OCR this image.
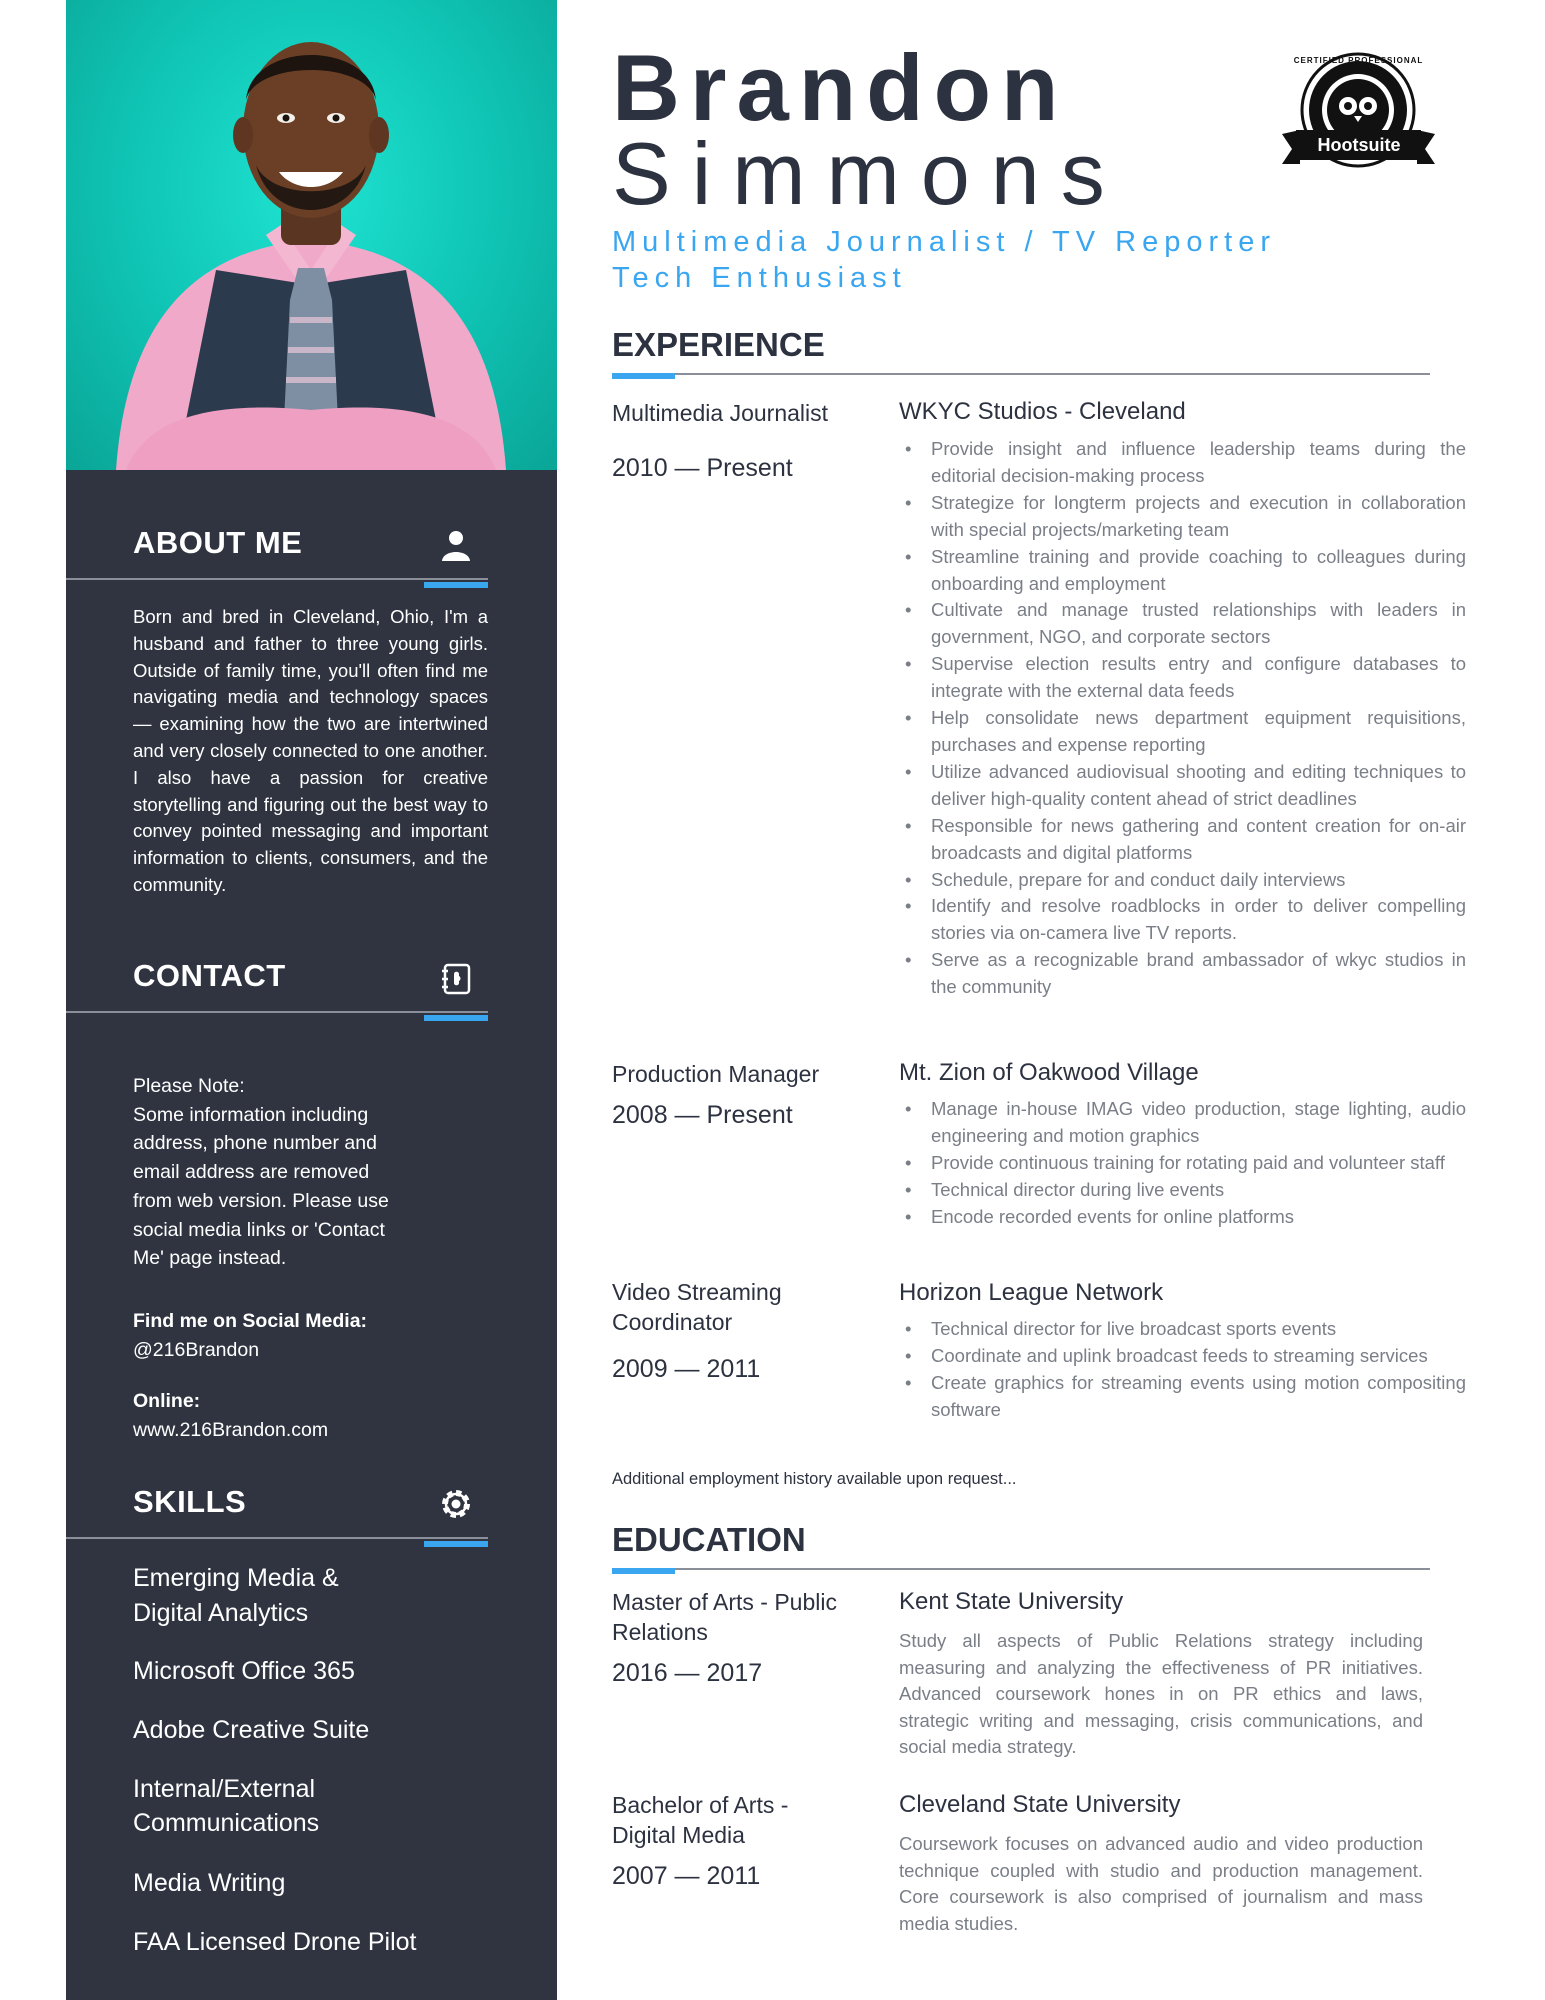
ABOUT ME
Born and bred in Cleveland, Ohio, I'm a husband and father to three young girls. Outside of family time, you'll often find me navigating media and technology spaces — examining how the two are intertwined and very closely connected to one another. I also have a passion for creative storytelling and figuring out the best way to convey pointed messaging and important information to clients, consumers, and the community.
CONTACT
Please Note:
Some information including
address, phone number and
email address are removed
from web version. Please use
social media links or 'Contact
Me' page instead.
Find me on Social Media:
@216Brandon
Online:
www.216Brandon.com
SKILLS
Emerging Media &
Digital Analytics
Microsoft Office 365
Adobe Creative Suite
Internal/External
Communications
Media Writing
FAA Licensed Drone Pilot
Brandon
Simmons
Multimedia Journalist / TV Reporter
Tech Enthusiast
Hootsuite
CERTIFIED PROFESSIONAL
EXPERIENCE
Multimedia Journalist
2010 — Present
WKYC Studios - Cleveland
• Provide insight and influence leadership teams during the editorial decision-making process
• Strategize for longterm projects and execution in collaboration with special projects/marketing team
• Streamline training and provide coaching to colleagues during onboarding and employment
• Cultivate and manage trusted relationships with leaders in government, NGO, and corporate sectors
• Supervise election results entry and configure databases to integrate with the external data feeds
• Help consolidate news department equipment requisitions, purchases and expense reporting
• Utilize advanced audiovisual shooting and editing techniques to deliver high-quality content ahead of strict deadlines
• Responsible for news gathering and content creation for on-air broadcasts and digital platforms
• Schedule, prepare for and conduct daily interviews
• Identify and resolve roadblocks in order to deliver compelling stories via on-camera live TV reports.
• Serve as a recognizable brand ambassador of wkyc studios in the community
Production Manager
2008 — Present
Mt. Zion of Oakwood Village
• Manage in-house IMAG video production, stage lighting, audio engineering and motion graphics
• Provide continuous training for rotating paid and volunteer staff
• Technical director during live events
• Encode recorded events for online platforms
Video Streaming Coordinator
2009 — 2011
Horizon League Network
• Technical director for live broadcast sports events
• Coordinate and uplink broadcast feeds to streaming services
• Create graphics for streaming events using motion compositing software
Additional employment history available upon request...
EDUCATION
Master of Arts - Public Relations
2016 — 2017
Kent State University
Study all aspects of Public Relations strategy including measuring and analyzing the effectiveness of PR initiatives. Advanced coursework hones in on PR ethics and laws, strategic writing and messaging, crisis communications, and social media strategy.
Bachelor of Arts - Digital Media
2007 — 2011
Cleveland State University
Coursework focuses on advanced audio and video production technique coupled with studio and production management. Core coursework is also comprised of journalism and mass media studies.
